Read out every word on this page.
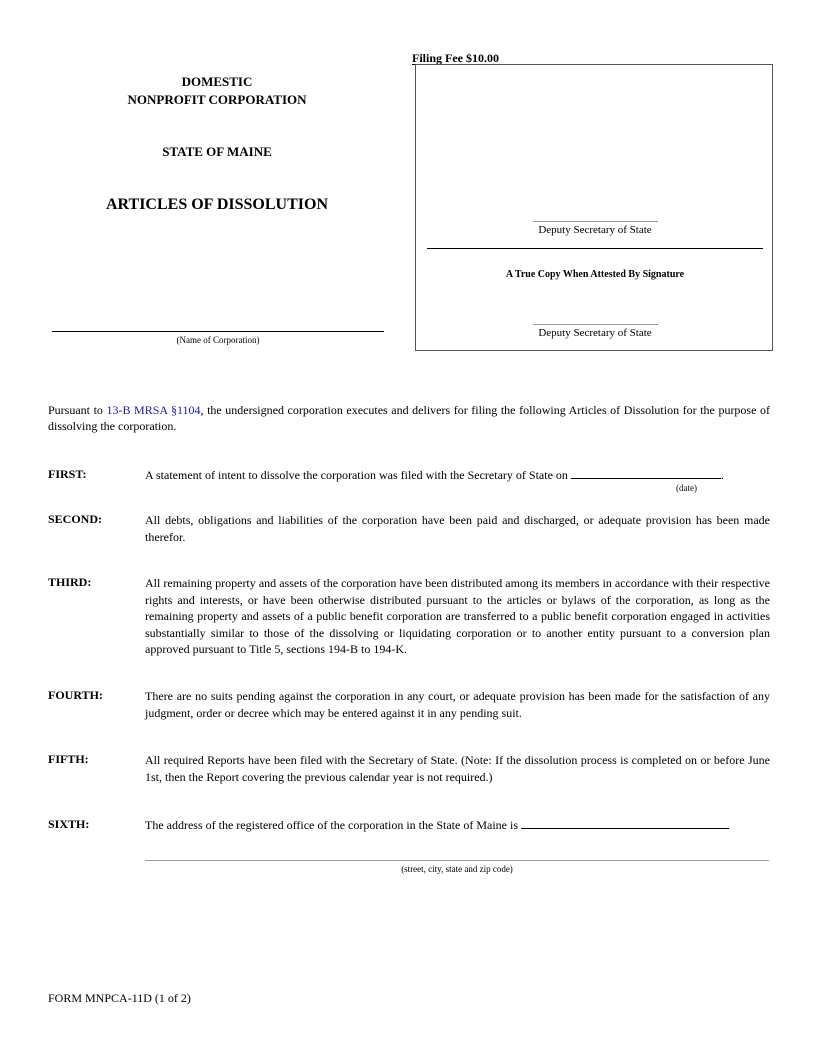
DOMESTIC
NONPROFIT CORPORATION
STATE OF MAINE
ARTICLES OF DISSOLUTION
(Name of Corporation)
Filing Fee $10.00
Deputy Secretary of State
A True Copy When Attested By Signature
Deputy Secretary of State
Pursuant to 13-B MRSA §1104, the undersigned corporation executes and delivers for filing the following Articles of Dissolution for the purpose of dissolving the corporation.
FIRST:	A statement of intent to dissolve the corporation was filed with the Secretary of State on	.
(date)
SECOND:	All debts, obligations and liabilities of the corporation have been paid and discharged, or adequate provision has been made therefor.
THIRD:	All remaining property and assets of the corporation have been distributed among its members in accordance with their respective rights and interests, or have been otherwise distributed pursuant to the articles or bylaws of the corporation, as long as the remaining property and assets of a public benefit corporation are transferred to a public benefit corporation engaged in activities substantially similar to those of the dissolving or liquidating corporation or to another entity pursuant to a conversion plan approved pursuant to Title 5, sections 194-B to 194-K.
FOURTH:	There are no suits pending against the corporation in any court, or adequate provision has been made for the satisfaction of any judgment, order or decree which may be entered against it in any pending suit.
FIFTH:	All required Reports have been filed with the Secretary of State. (Note: If the dissolution process is completed on or before June 1st, then the Report covering the previous calendar year is not required.)
SIXTH:	The address of the registered office of the corporation in the State of Maine is
(street, city, state and zip code)
FORM MNPCA-11D (1 of 2)
